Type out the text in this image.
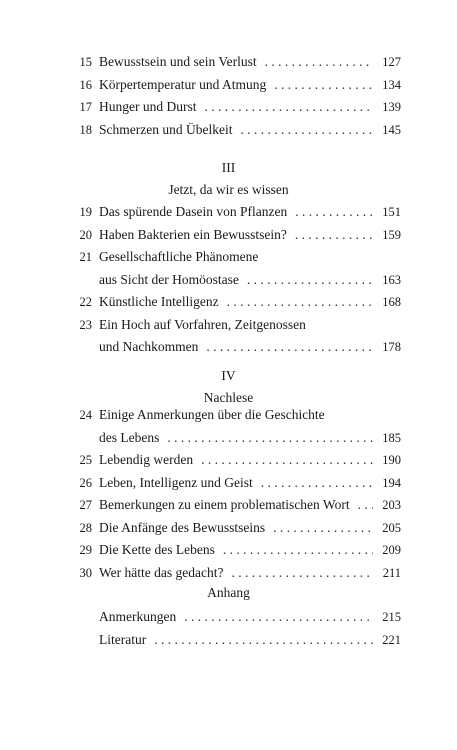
15 Bewusstsein und sein Verlust . . .	127
16 Körpertemperatur und Atmung . . .	134
17 Hunger und Durst . . .	139
18 Schmerzen und Übelkeit . . .	145
III
Jetzt, da wir es wissen
19 Das spürende Dasein von Pflanzen . . .	151
20 Haben Bakterien ein Bewusstsein? . . .	159
21 Gesellschaftliche Phänomene
aus Sicht der Homöostase . . .	163
22 Künstliche Intelligenz . . .	168
23 Ein Hoch auf Vorfahren, Zeitgenossen
und Nachkommen . . .	178
IV
Nachlese
24 Einige Anmerkungen über die Geschichte
des Lebens . . .	185
25 Lebendig werden . . .	190
26 Leben, Intelligenz und Geist . . .	194
27 Bemerkungen zu einem problematischen Wort . . .	203
28 Die Anfänge des Bewusstseins . . .	205
29 Die Kette des Lebens . . .	209
30 Wer hätte das gedacht? . . .	211
Anhang
Anmerkungen . . .	215
Literatur . . .	221
